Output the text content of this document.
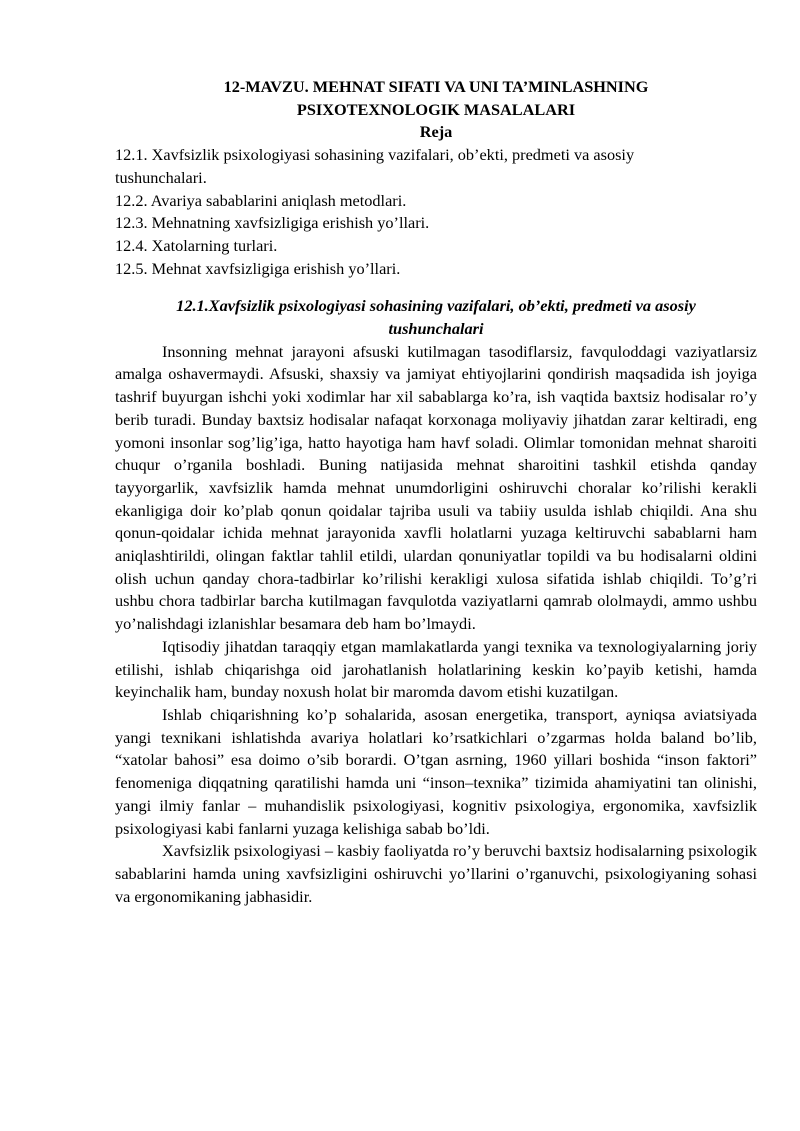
12-MAVZU. MEHNAT SIFATI VA UNI TA’MINLASHNING
PSIXOTEXNOLOGIK MASALALARI
Reja
12.1. Xavfsizlik psixologiyasi sohasining vazifalari, ob’ekti, predmeti va asosiy tushunchalari.
12.2. Avariya sabablarini aniqlash metodlari.
12.3. Mehnatning xavfsizligiga erishish yo’llari.
12.4. Xatolarning turlari.
12.5. Mehnat xavfsizligiga erishish yo’llari.
12.1.Xavfsizlik psixologiyasi sohasining vazifalari, ob’ekti, predmeti va asosiy tushunchalari

Insonning mehnat jarayoni afsuski kutilmagan tasodiflarsiz, favquloddagi vaziyatlarsiz amalga oshavermaydi. Afsuski, shaxsiy va jamiyat ehtiyojlarini qondirish maqsadida ish joyiga tashrif buyurgan ishchi yoki xodimlar har xil sabablarga ko’ra, ish vaqtida baxtsiz hodisalar ro’y berib turadi. Bunday baxtsiz hodisalar nafaqat korxonaga moliyaviy jihatdan zarar keltiradi, eng yomoni insonlar sog’lig’iga, hatto hayotiga ham havf soladi. Olimlar tomonidan mehnat sharoiti chuqur o’rganila boshladi. Buning natijasida mehnat sharoitini tashkil etishda qanday tayyorgarlik, xavfsizlik hamda mehnat unumdorligini oshiruvchi choralar ko’rilishi kerakli ekanligiga doir ko’plab qonun qoidalar tajriba usuli va tabiiy usulda ishlab chiqildi. Ana shu qonun-qoidalar ichida mehnat jarayonida xavfli holatlarni yuzaga keltiruvchi sabablarni ham aniqlashtirildi, olingan faktlar tahlil etildi, ulardan qonuniyatlar topildi va bu hodisalarni oldini olish uchun qanday chora-tadbirlar ko’rilishi kerakligi xulosa sifatida ishlab chiqildi. To’g’ri ushbu chora tadbirlar barcha kutilmagan favqulotda vaziyatlarni qamrab ololmaydi, ammo ushbu yo’nalishdagi izlanishlar besamara deb ham bo’lmaydi.

Iqtisodiy jihatdan taraqqiy etgan mamlakatlarda yangi texnika va texnologiyalarning joriy etilishi, ishlab chiqarishga oid jarohatlanish holatlarining keskin ko’payib ketishi, hamda keyinchalik ham, bunday noxush holat bir maromda davom etishi kuzatilgan.

Ishlab chiqarishning ko’p sohalarida, asosan energetika, transport, ayniqsa aviatsiyada yangi texnikani ishlatishda avariya holatlari ko’rsatkichlari o’zgarmas holda baland bo’lib, “xatolar bahosi” esa doimo o’sib borardi. O’tgan asrning, 1960 yillari boshida “inson faktori” fenomeniga diqqatning qaratilishi hamda uni “inson–texnika” tizimida ahamiyatini tan olinishi, yangi ilmiy fanlar – muhandislik psixologiyasi, kognitiv psixologiya, ergonomika, xavfsizlik psixologiyasi kabi fanlarni yuzaga kelishiga sabab bo’ldi.

Xavfsizlik psixologiyasi – kasbiy faoliyatda ro’y beruvchi baxtsiz hodisalarning psixologik sabablarini hamda uning xavfsizligini oshiruvchi yo’llarini o’rganuvchi, psixologiyaning sohasi va ergonomikaning jabhasidir.
